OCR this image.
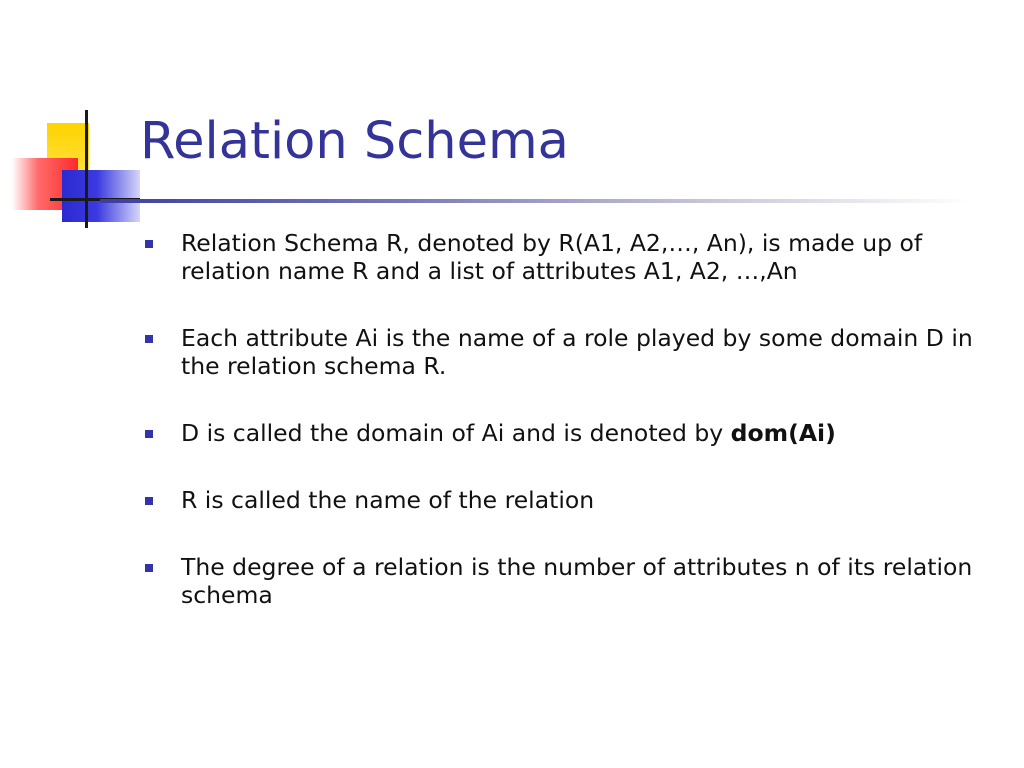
Relation Schema
Relation Schema R, denoted by R(A1, A2,…, An), is made up of relation name R and a list of attributes A1, A2, …,An
Each attribute Ai is the name of a role played by some domain D in the relation schema R.
D is called the domain of Ai and is denoted by dom(Ai)
R is called the name of the relation
The degree of a relation is the number of attributes n of its relation schema
